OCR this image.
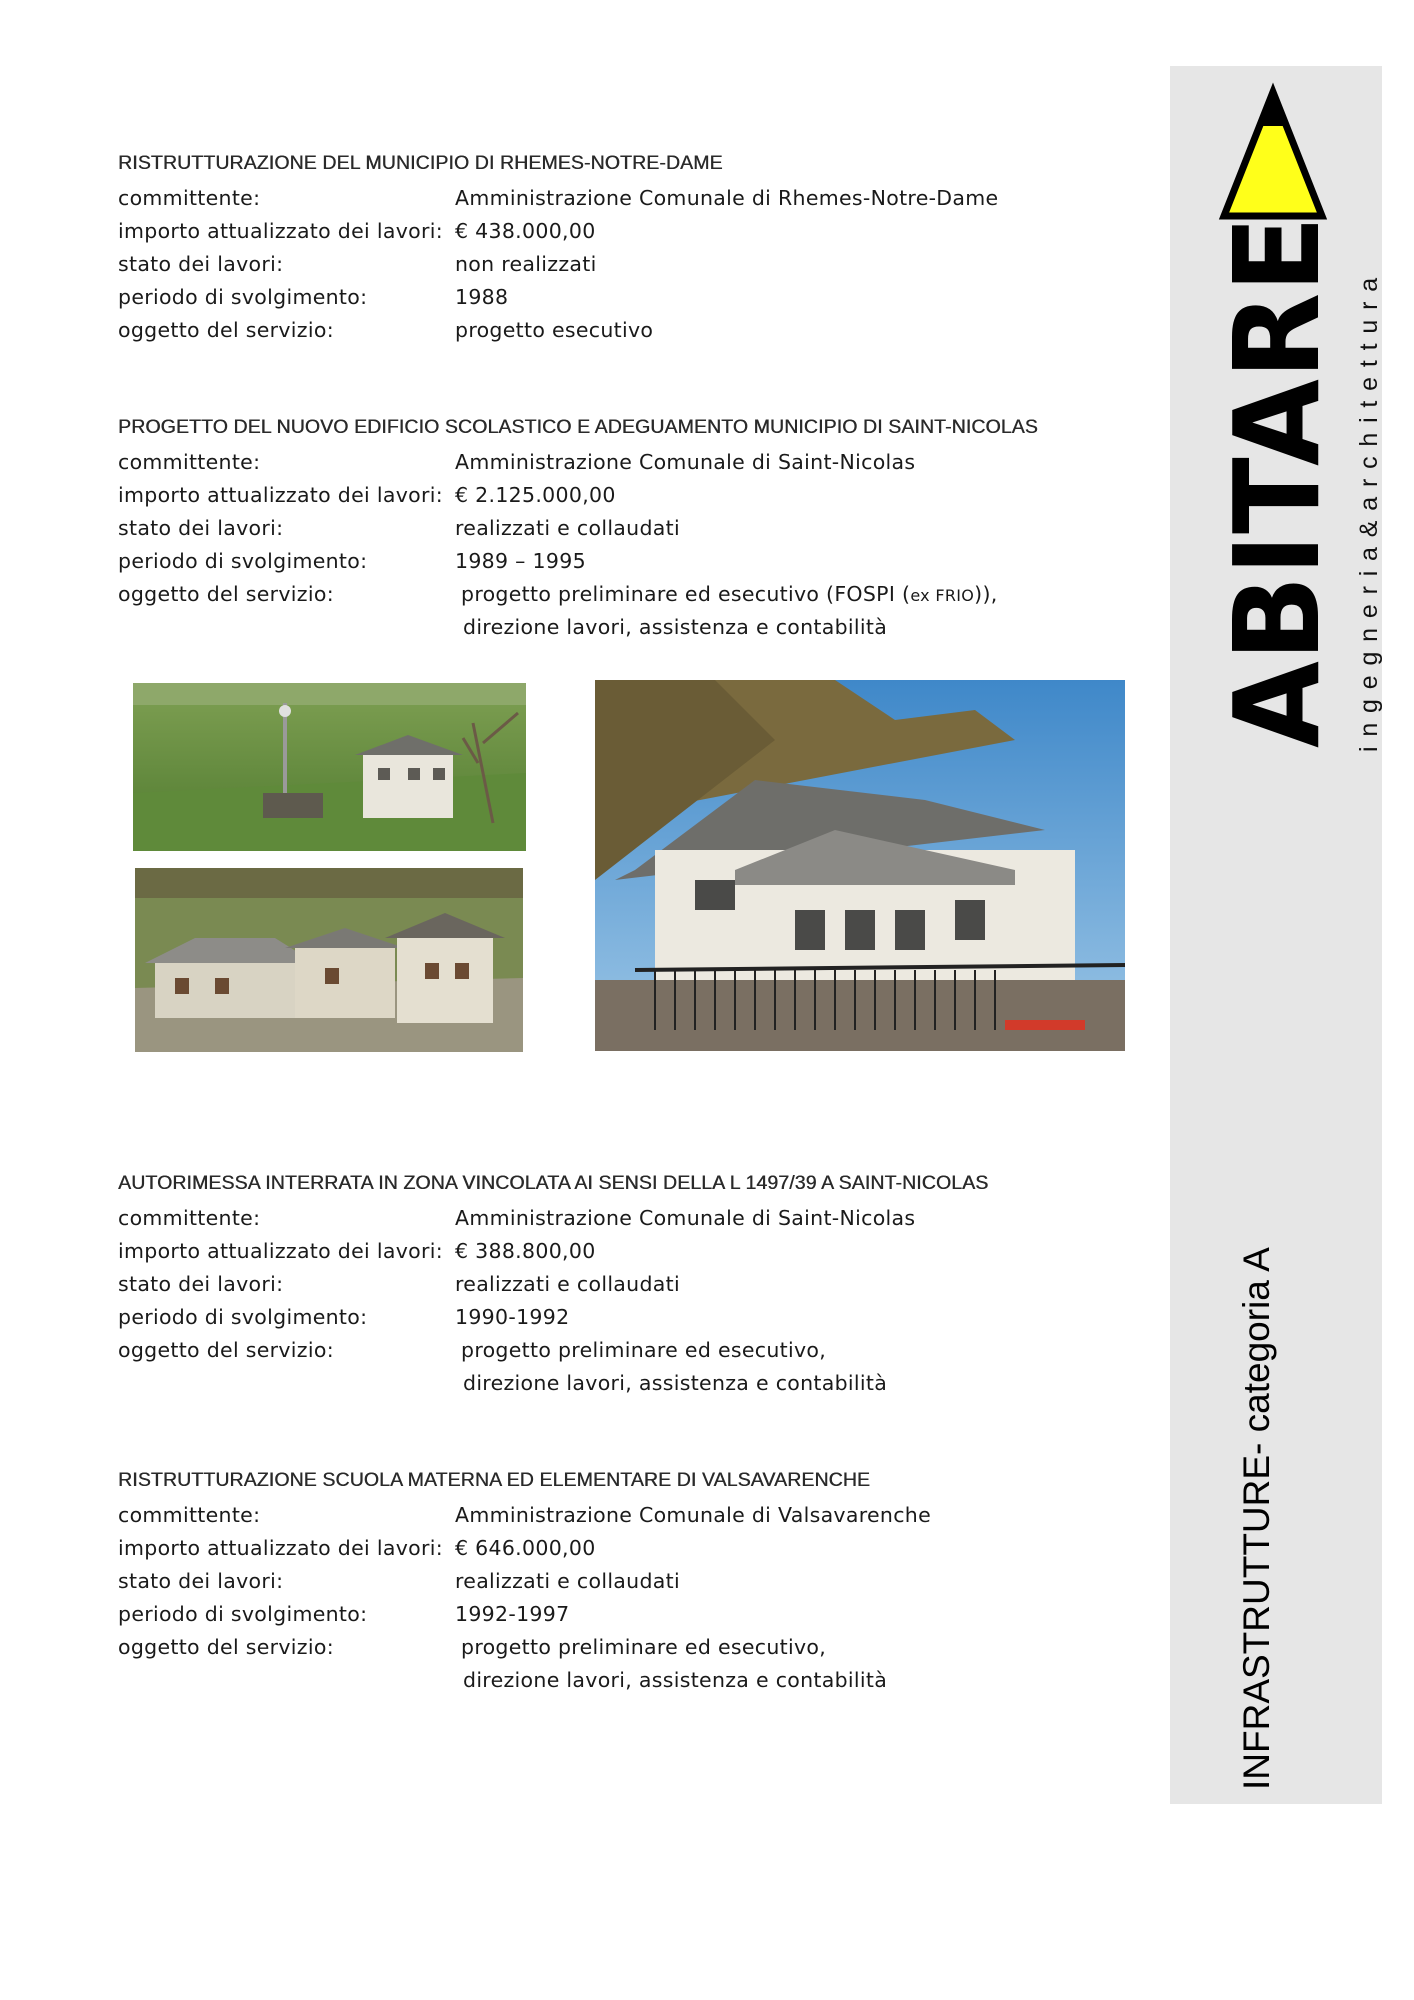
RISTRUTTURAZIONE DEL MUNICIPIO DI RHEMES-NOTRE-DAME
committente:	Amministrazione Comunale di Rhemes-Notre-Dame
importo attualizzato dei lavori: € 438.000,00
stato dei lavori:	non realizzati
periodo di svolgimento:	1988
oggetto del servizio:	progetto esecutivo
PROGETTO DEL NUOVO EDIFICIO SCOLASTICO E ADEGUAMENTO MUNICIPIO DI SAINT-NICOLAS
committente:	Amministrazione Comunale di Saint-Nicolas
importo attualizzato dei lavori: € 2.125.000,00
stato dei lavori:	realizzati e collaudati
periodo di svolgimento:	1989 – 1995
oggetto del servizio:	progetto preliminare ed esecutivo (FOSPI (ex FRIO)),
direzione lavori, assistenza e contabilità
AUTORIMESSA INTERRATA IN ZONA VINCOLATA AI SENSI DELLA L 1497/39 A SAINT-NICOLAS
committente:	Amministrazione Comunale di Saint-Nicolas
importo attualizzato dei lavori: € 388.800,00
stato dei lavori:	realizzati e collaudati
periodo di svolgimento:	1990-1992
oggetto del servizio:	progetto preliminare ed esecutivo,
direzione lavori, assistenza e contabilità
RISTRUTTURAZIONE SCUOLA MATERNA ED ELEMENTARE DI VALSAVARENCHE
committente:	Amministrazione Comunale di Valsavarenche
importo attualizzato dei lavori: € 646.000,00
stato dei lavori:	realizzati e collaudati
periodo di svolgimento:	1992-1997
oggetto del servizio:	progetto preliminare ed esecutivo,
direzione lavori, assistenza e contabilità
ABITARE ingegneria&architettura
INFRASTRUTTURE- categoria A
